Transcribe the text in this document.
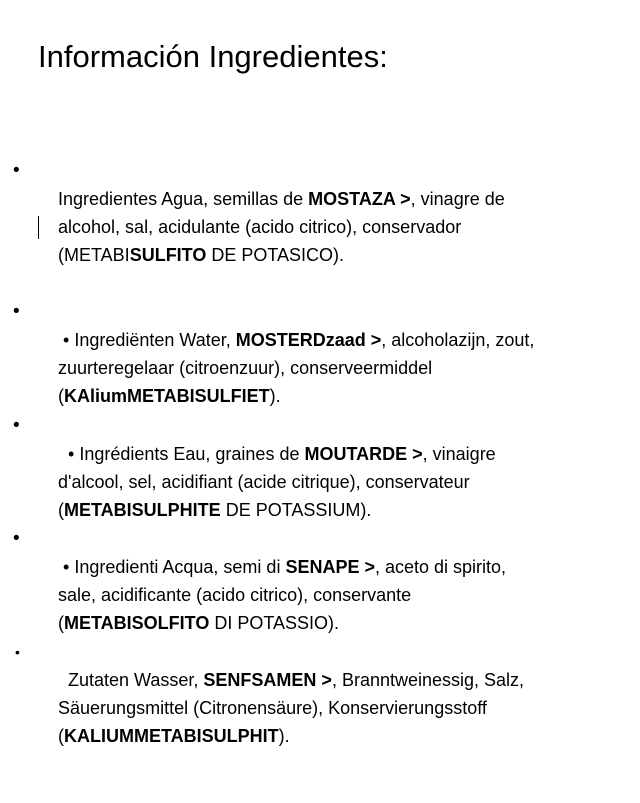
Información Ingredientes:
•

Ingredientes Agua, semillas de MOSTAZA >, vinagre de

alcohol, sal, acidulante (acido citrico), conservador

(METABISULFITO DE POTASICO).

•

• Ingrediënten Water, MOSTERDzaad >, alcoholazijn, zout,

zuurteregelaar (citroenzuur), conserveermiddel

(KAliumMETABISULFIET).

•

• Ingrédients Eau, graines de MOUTARDE >, vinaigre

d'alcool, sel, acidifiant (acide citrique), conservateur

(METABISULPHITE DE POTASSIUM).

•

• Ingredienti Acqua, semi di SENAPE >, aceto di spirito,

sale, acidificante (acido citrico), conservante

(METABISOLFITO DI POTASSIO).

•

Zutaten Wasser, SENFSAMEN >, Branntweinessig, Salz,

Säuerungsmittel (Citronensäure), Konservierungsstoff

(KALIUMMETABISULPHIT).
